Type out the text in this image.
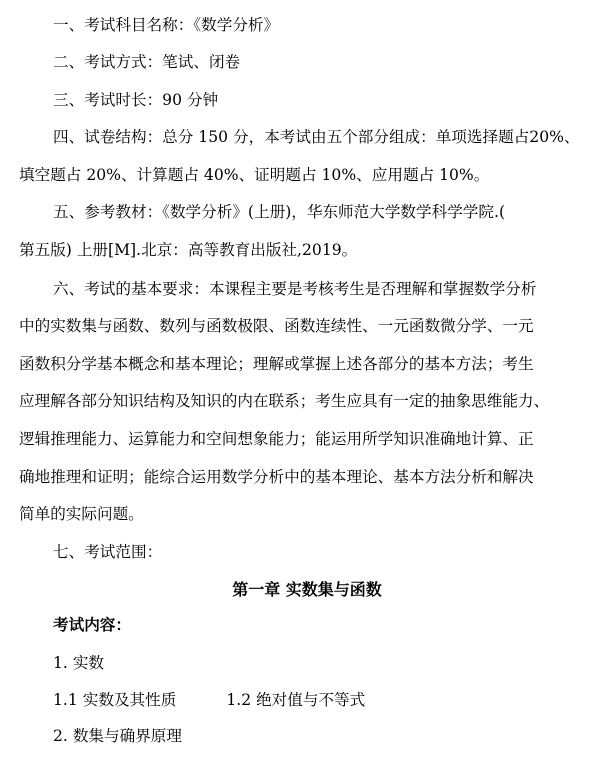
一、考试科目名称：《数学分析》
二、考试方式：笔试、闭卷
三、考试时长：90 分钟
四、试卷结构：总分 150 分，本考试由五个部分组成：单项选择题占20%、
填空题占 20%、计算题占 40%、证明题占 10%、应用题占 10%。
五、参考教材：《数学分析》(上册)，华东师范大学数学科学学院.(
第五版) 上册[M].北京：高等教育出版社,2019。
六、考试的基本要求：本课程主要是考核考生是否理解和掌握数学分析
中的实数集与函数、数列与函数极限、函数连续性、一元函数微分学、一元
函数积分学基本概念和基本理论；理解或掌握上述各部分的基本方法；考生
应理解各部分知识结构及知识的内在联系；考生应具有一定的抽象思维能力、
逻辑推理能力、运算能力和空间想象能力；能运用所学知识准确地计算、正
确地推理和证明；能综合运用数学分析中的基本理论、基本方法分析和解决
简单的实际问题。
七、考试范围：
第一章 实数集与函数
考试内容：
1. 实数
1.1 实数及其性质	1.2 绝对值与不等式
2. 数集与确界原理
